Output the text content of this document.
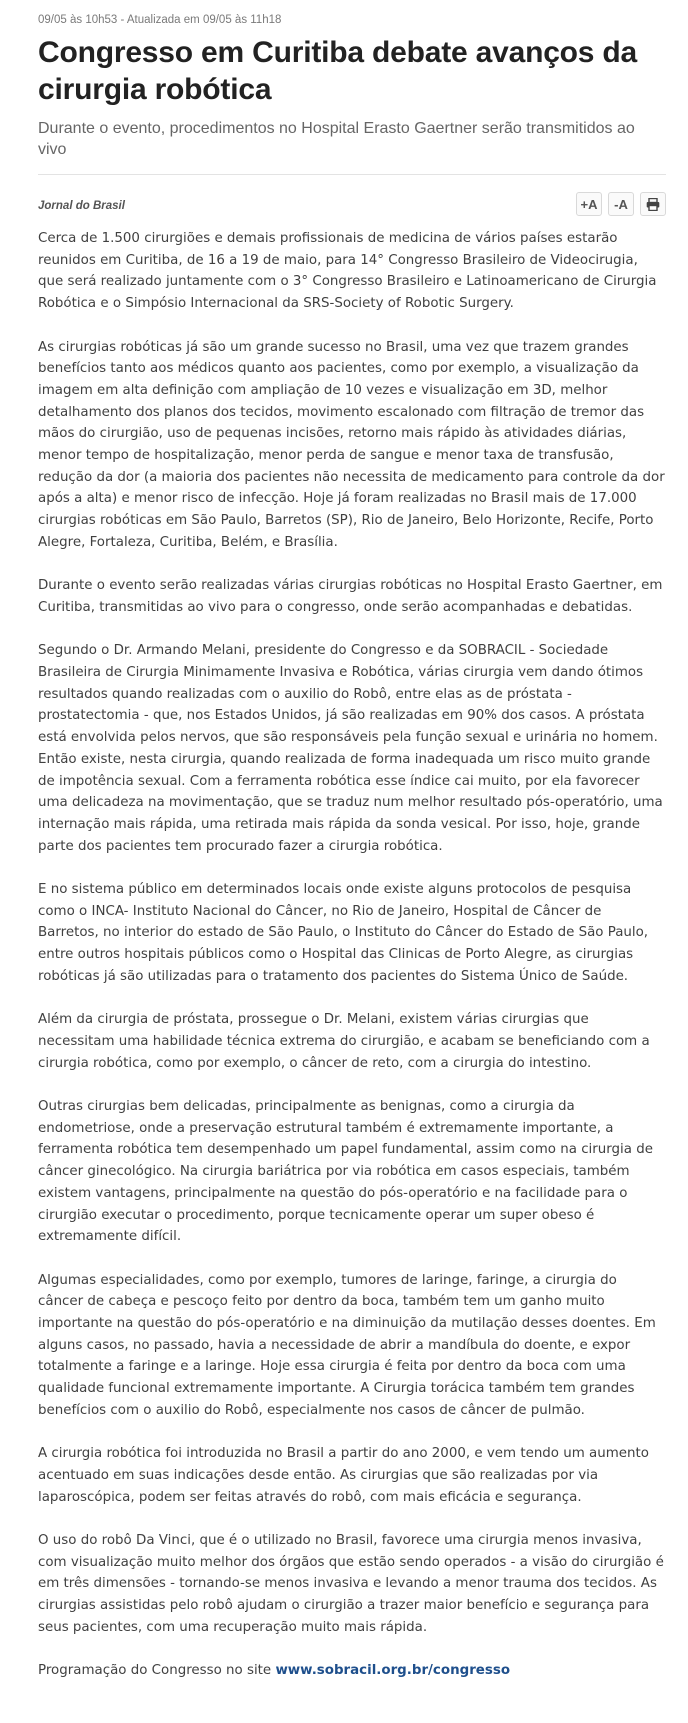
09/05 às 10h53 - Atualizada em 09/05 às 11h18
Congresso em Curitiba debate avanços da cirurgia robótica
Durante o evento, procedimentos no Hospital Erasto Gaertner serão transmitidos ao vivo
Jornal do Brasil	+A	-A

Cerca de 1.500 cirurgiões e demais profissionais de medicina de vários países estarão reunidos em Curitiba, de 16 a 19 de maio, para 14° Congresso Brasileiro de Videocirugia, que será realizado juntamente com o 3° Congresso Brasileiro e Latinoamericano de Cirurgia Robótica e o Simpósio Internacional da SRS-Society of Robotic Surgery.

As cirurgias robóticas já são um grande sucesso no Brasil, uma vez que trazem grandes benefícios tanto aos médicos quanto aos pacientes, como por exemplo, a visualização da imagem em alta definição com ampliação de 10 vezes e visualização em 3D, melhor detalhamento dos planos dos tecidos, movimento escalonado com filtração de tremor das mãos do cirurgião, uso de pequenas incisões, retorno mais rápido às atividades diárias, menor tempo de hospitalização, menor perda de sangue e menor taxa de transfusão, redução da dor (a maioria dos pacientes não necessita de medicamento para controle da dor após a alta) e menor risco de infecção. Hoje já foram realizadas no Brasil mais de 17.000 cirurgias robóticas em São Paulo, Barretos (SP), Rio de Janeiro, Belo Horizonte, Recife, Porto Alegre, Fortaleza, Curitiba, Belém, e Brasília.

Durante o evento serão realizadas várias cirurgias robóticas no Hospital Erasto Gaertner, em Curitiba, transmitidas ao vivo para o congresso, onde serão acompanhadas e debatidas.

Segundo o Dr. Armando Melani, presidente do Congresso e da SOBRACIL - Sociedade Brasileira de Cirurgia Minimamente Invasiva e Robótica, várias cirurgia vem dando ótimos resultados quando realizadas com o auxilio do Robô, entre elas as de próstata - prostatectomia - que, nos Estados Unidos, já são realizadas em 90% dos casos. A próstata está envolvida pelos nervos, que são responsáveis pela função sexual e urinária no homem. Então existe, nesta cirurgia, quando realizada de forma inadequada um risco muito grande de impotência sexual. Com a ferramenta robótica esse índice cai muito, por ela favorecer uma delicadeza na movimentação, que se traduz num melhor resultado pós-operatório, uma internação mais rápida, uma retirada mais rápida da sonda vesical. Por isso, hoje, grande parte dos pacientes tem procurado fazer a cirurgia robótica.

E no sistema público em determinados locais onde existe alguns protocolos de pesquisa como o INCA- Instituto Nacional do Câncer, no Rio de Janeiro, Hospital de Câncer de Barretos, no interior do estado de São Paulo, o Instituto do Câncer do Estado de São Paulo, entre outros hospitais públicos como o Hospital das Clinicas de Porto Alegre, as cirurgias robóticas já são utilizadas para o tratamento dos pacientes do Sistema Único de Saúde.

Além da cirurgia de próstata, prossegue o Dr. Melani, existem várias cirurgias que necessitam uma habilidade técnica extrema do cirurgião, e acabam se beneficiando com a cirurgia robótica, como por exemplo, o câncer de reto, com a cirurgia do intestino.

Outras cirurgias bem delicadas, principalmente as benignas, como a cirurgia da endometriose, onde a preservação estrutural também é extremamente importante, a ferramenta robótica tem desempenhado um papel fundamental, assim como na cirurgia de câncer ginecológico. Na cirurgia bariátrica por via robótica em casos especiais, também existem vantagens, principalmente na questão do pós-operatório e na facilidade para o cirurgião executar o procedimento, porque tecnicamente operar um super obeso é extremamente difícil.

Algumas especialidades, como por exemplo, tumores de laringe, faringe, a cirurgia do câncer de cabeça e pescoço feito por dentro da boca, também tem um ganho muito importante na questão do pós-operatório e na diminuição da mutilação desses doentes. Em alguns casos, no passado, havia a necessidade de abrir a mandíbula do doente, e expor totalmente a faringe e a laringe. Hoje essa cirurgia é feita por dentro da boca com uma qualidade funcional extremamente importante. A Cirurgia torácica também tem grandes benefícios com o auxilio do Robô, especialmente nos casos de câncer de pulmão.

A cirurgia robótica foi introduzida no Brasil a partir do ano 2000, e vem tendo um aumento acentuado em suas indicações desde então. As cirurgias que são realizadas por via laparoscópica, podem ser feitas através do robô, com mais eficácia e segurança.

O uso do robô Da Vinci, que é o utilizado no Brasil, favorece uma cirurgia menos invasiva, com visualização muito melhor dos órgãos que estão sendo operados - a visão do cirurgião é em três dimensões - tornando-se menos invasiva e levando a menor trauma dos tecidos. As cirurgias assistidas pelo robô ajudam o cirurgião a trazer maior benefício e segurança para seus pacientes, com uma recuperação muito mais rápida.

Programação do Congresso no site www.sobracil.org.br/congresso
